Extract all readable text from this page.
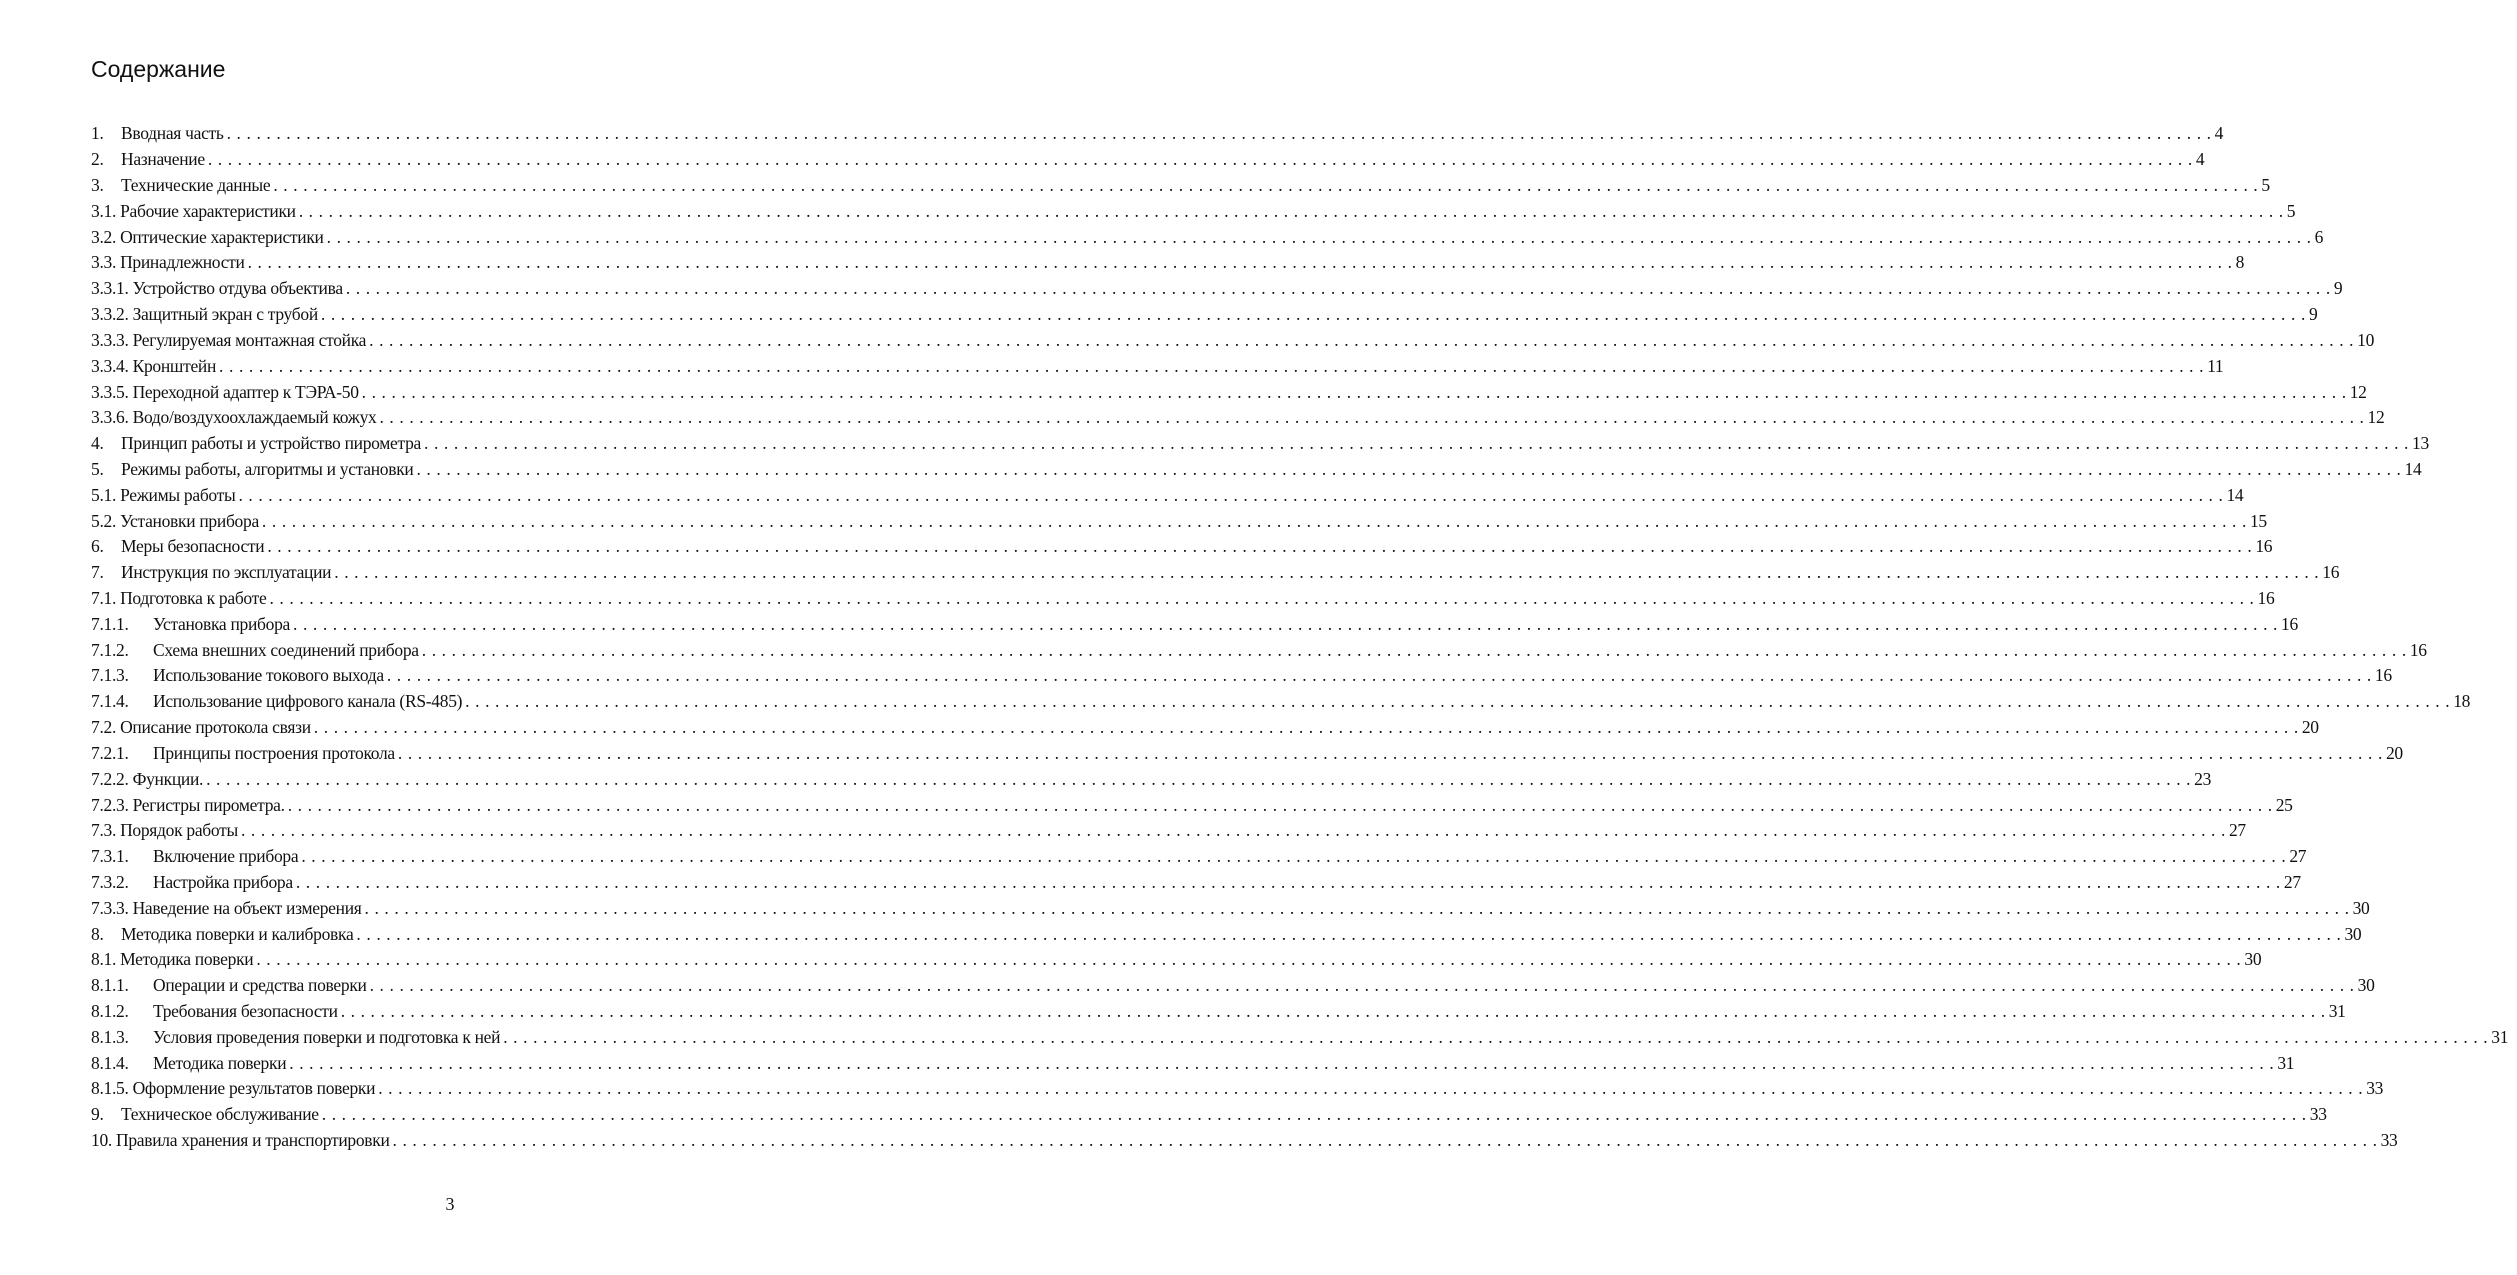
Содержание
1. Вводная часть . . . . . . . . . . . . . . . . . . . . . . . . . . . . . . . . . . . . . . . . . . . . . . . . . . . . . . . . . . . . . . . . . . . . . . . . . . . . . . . . . . . . . . . . . . . . . . . . . . . . . . . . . . . . . . . . . . . . . . . . . . . . . . . . . . . . . . . . . . . . . . . . . . . . . . . . . . . . . . . . . . . . . . . . . . . . . . . . . . . . . . . . . . . . . . . . . . . . . . . . 4
2. Назначение . . . . . . . . . . . . . . . . . . . . . . . . . . . . . . . . . . . . . . . . . . . . . . . . . . . . . . . . . . . . . . . . . . . . . . . . . . . . . . . . . . . . . . . . . . . . . . . . . . . . . . . . . . . . . . . . . . . . . . . . . . . . . . . . . . . . . . . . . . . . . . . . . . . . . . . . . . . . . . . . . . . . . . . . . . . . . . . . . . . . . . . . . . . . . . . . . . . . . . . . 4
3. Технические данные . . . . . . . . . . . . . . . . . . . . . . . . . . . . . . . . . . . . . . . . . . . . . . . . . . . . . . . . . . . . . . . . . . . . . . . . . . . . . . . . . . . . . . . . . . . . . . . . . . . . . . . . . . . . . . . . . . . . . . . . . . . . . . . . . . . . . . . . . . . . . . . . . . . . . . . . . . . . . . . . . . . . . . . . . . . . . . . . . . . . . . . . . . . . . . . . . . . . . . . . 5
3.1. Рабочие характеристики . . . . . . . . . . . . . . . . . . . . . . . . . . . . . . . . . . . . . . . . . . . . . . . . . . . . . . . . . . . . . . . . . . . . . . . . . . . . . . . . . . . . . . . . . . . . . . . . . . . . . . . . . . . . . . . . . . . . . . . . . . . . . . . . . . . . . . . . . . . . . . . . . . . . . . . . . . . . . . . . . . . . . . . . . . . . . . . . . . . . . . . . . . . . . . . . . . . . . . . . 5
3.2. Оптические характеристики . . . . . . . . . . . . . . . . . . . . . . . . . . . . . . . . . . . . . . . . . . . . . . . . . . . . . . . . . . . . . . . . . . . . . . . . . . . . . . . . . . . . . . . . . . . . . . . . . . . . . . . . . . . . . . . . . . . . . . . . . . . . . . . . . . . . . . . . . . . . . . . . . . . . . . . . . . . . . . . . . . . . . . . . . . . . . . . . . . . . . . . . . . . . . . . . . . . . . . . . 6
3.3. Принадлежности . . . . . . . . . . . . . . . . . . . . . . . . . . . . . . . . . . . . . . . . . . . . . . . . . . . . . . . . . . . . . . . . . . . . . . . . . . . . . . . . . . . . . . . . . . . . . . . . . . . . . . . . . . . . . . . . . . . . . . . . . . . . . . . . . . . . . . . . . . . . . . . . . . . . . . . . . . . . . . . . . . . . . . . . . . . . . . . . . . . . . . . . . . . . . . . . . . . . . . . . 8
3.3.1. Устройство отдува объектива . . . . . . . . . . . . . . . . . . . . . . . . . . . . . . . . . . . . . . . . . . . . . . . . . . . . . . . . . . . . . . . . . . . . . . . . . . . . . . . . . . . . . . . . . . . . . . . . . . . . . . . . . . . . . . . . . . . . . . . . . . . . . . . . . . . . . . . . . . . . . . . . . . . . . . . . . . . . . . . . . . . . . . . . . . . . . . . . . . . . . . . . . . . . . . . . . . . . . . . . 9
3.3.2. Защитный экран с трубой . . . . . . . . . . . . . . . . . . . . . . . . . . . . . . . . . . . . . . . . . . . . . . . . . . . . . . . . . . . . . . . . . . . . . . . . . . . . . . . . . . . . . . . . . . . . . . . . . . . . . . . . . . . . . . . . . . . . . . . . . . . . . . . . . . . . . . . . . . . . . . . . . . . . . . . . . . . . . . . . . . . . . . . . . . . . . . . . . . . . . . . . . . . . . . . . . . . . . . . . 9
3.3.3. Регулируемая монтажная стойка . . . . . . . . . . . . . . . . . . . . . . . . . . . . . . . . . . . . . . . . . . . . . . . . . . . . . . . . . . . . . . . . . . . . . . . . . . . . . . . . . . . . . . . . . . . . . . . . . . . . . . . . . . . . . . . . . . . . . . . . . . . . . . . . . . . . . . . . . . . . . . . . . . . . . . . . . . . . . . . . . . . . . . . . . . . . . . . . . . . . . . . . . . . . . . . . . . . . . . . . 10
3.3.4. Кронштейн . . . . . . . . . . . . . . . . . . . . . . . . . . . . . . . . . . . . . . . . . . . . . . . . . . . . . . . . . . . . . . . . . . . . . . . . . . . . . . . . . . . . . . . . . . . . . . . . . . . . . . . . . . . . . . . . . . . . . . . . . . . . . . . . . . . . . . . . . . . . . . . . . . . . . . . . . . . . . . . . . . . . . . . . . . . . . . . . . . . . . . . . . . . . . . . . . . . . . . . . 11
3.3.5. Переходной адаптер к ТЭРА-50 . . . . . . . . . . . . . . . . . . . . . . . . . . . . . . . . . . . . . . . . . . . . . . . . . . . . . . . . . . . . . . . . . . . . . . . . . . . . . . . . . . . . . . . . . . . . . . . . . . . . . . . . . . . . . . . . . . . . . . . . . . . . . . . . . . . . . . . . . . . . . . . . . . . . . . . . . . . . . . . . . . . . . . . . . . . . . . . . . . . . . . . . . . . . . . . . . . . . . . . . 12
3.3.6. Водо/воздухоохлаждаемый кожух . . . . . . . . . . . . . . . . . . . . . . . . . . . . . . . . . . . . . . . . . . . . . . . . . . . . . . . . . . . . . . . . . . . . . . . . . . . . . . . . . . . . . . . . . . . . . . . . . . . . . . . . . . . . . . . . . . . . . . . . . . . . . . . . . . . . . . . . . . . . . . . . . . . . . . . . . . . . . . . . . . . . . . . . . . . . . . . . . . . . . . . . . . . . . . . . . . . . . . . . 12
4. Принцип работы и устройство пирометра . . . . . . . . . . . . . . . . . . . . . . . . . . . . . . . . . . . . . . . . . . . . . . . . . . . . . . . . . . . . . . . . . . . . . . . . . . . . . . . . . . . . . . . . . . . . . . . . . . . . . . . . . . . . . . . . . . . . . . . . . . . . . . . . . . . . . . . . . . . . . . . . . . . . . . . . . . . . . . . . . . . . . . . . . . . . . . . . . . . . . . . . . . . . . . . . . . . . . . . . 13
5. Режимы работы, алгоритмы и установки . . . . . . . . . . . . . . . . . . . . . . . . . . . . . . . . . . . . . . . . . . . . . . . . . . . . . . . . . . . . . . . . . . . . . . . . . . . . . . . . . . . . . . . . . . . . . . . . . . . . . . . . . . . . . . . . . . . . . . . . . . . . . . . . . . . . . . . . . . . . . . . . . . . . . . . . . . . . . . . . . . . . . . . . . . . . . . . . . . . . . . . . . . . . . . . . . . . . . . . . 14
5.1. Режимы работы . . . . . . . . . . . . . . . . . . . . . . . . . . . . . . . . . . . . . . . . . . . . . . . . . . . . . . . . . . . . . . . . . . . . . . . . . . . . . . . . . . . . . . . . . . . . . . . . . . . . . . . . . . . . . . . . . . . . . . . . . . . . . . . . . . . . . . . . . . . . . . . . . . . . . . . . . . . . . . . . . . . . . . . . . . . . . . . . . . . . . . . . . . . . . . . . . . . . . . . . 14
5.2. Установки прибора . . . . . . . . . . . . . . . . . . . . . . . . . . . . . . . . . . . . . . . . . . . . . . . . . . . . . . . . . . . . . . . . . . . . . . . . . . . . . . . . . . . . . . . . . . . . . . . . . . . . . . . . . . . . . . . . . . . . . . . . . . . . . . . . . . . . . . . . . . . . . . . . . . . . . . . . . . . . . . . . . . . . . . . . . . . . . . . . . . . . . . . . . . . . . . . . . . . . . . . . 15
6. Меры безопасности . . . . . . . . . . . . . . . . . . . . . . . . . . . . . . . . . . . . . . . . . . . . . . . . . . . . . . . . . . . . . . . . . . . . . . . . . . . . . . . . . . . . . . . . . . . . . . . . . . . . . . . . . . . . . . . . . . . . . . . . . . . . . . . . . . . . . . . . . . . . . . . . . . . . . . . . . . . . . . . . . . . . . . . . . . . . . . . . . . . . . . . . . . . . . . . . . . . . . . . . 16
7. Инструкция по эксплуатации . . . . . . . . . . . . . . . . . . . . . . . . . . . . . . . . . . . . . . . . . . . . . . . . . . . . . . . . . . . . . . . . . . . . . . . . . . . . . . . . . . . . . . . . . . . . . . . . . . . . . . . . . . . . . . . . . . . . . . . . . . . . . . . . . . . . . . . . . . . . . . . . . . . . . . . . . . . . . . . . . . . . . . . . . . . . . . . . . . . . . . . . . . . . . . . . . . . . . . . . 16
7.1. Подготовка к работе . . . . . . . . . . . . . . . . . . . . . . . . . . . . . . . . . . . . . . . . . . . . . . . . . . . . . . . . . . . . . . . . . . . . . . . . . . . . . . . . . . . . . . . . . . . . . . . . . . . . . . . . . . . . . . . . . . . . . . . . . . . . . . . . . . . . . . . . . . . . . . . . . . . . . . . . . . . . . . . . . . . . . . . . . . . . . . . . . . . . . . . . . . . . . . . . . . . . . . . . 16
7.1.1.	Установка прибора . . . . . . . . . . . . . . . . . . . . . . . . . . . . . . . . . . . . . . . . . . . . . . . . . . . . . . . . . . . . . . . . . . . . . . . . . . . . . . . . . . . . . . . . . . . . . . . . . . . . . . . . . . . . . . . . . . . . . . . . . . . . . . . . . . . . . . . . . . . . . . . . . . . . . . . . . . . . . . . . . . . . . . . . . . . . . . . . . . . . . . . . . . . . . . . . . . . . . . . . 16
7.1.2.	Схема внешних соединений прибора . . . . . . . . . . . . . . . . . . . . . . . . . . . . . . . . . . . . . . . . . . . . . . . . . . . . . . . . . . . . . . . . . . . . . . . . . . . . . . . . . . . . . . . . . . . . . . . . . . . . . . . . . . . . . . . . . . . . . . . . . . . . . . . . . . . . . . . . . . . . . . . . . . . . . . . . . . . . . . . . . . . . . . . . . . . . . . . . . . . . . . . . . . . . . . . . . . . . . . . . 16
7.1.3.	Использование токового выхода . . . . . . . . . . . . . . . . . . . . . . . . . . . . . . . . . . . . . . . . . . . . . . . . . . . . . . . . . . . . . . . . . . . . . . . . . . . . . . . . . . . . . . . . . . . . . . . . . . . . . . . . . . . . . . . . . . . . . . . . . . . . . . . . . . . . . . . . . . . . . . . . . . . . . . . . . . . . . . . . . . . . . . . . . . . . . . . . . . . . . . . . . . . . . . . . . . . . . . . . 16
7.1.4.	Использование цифрового канала (RS-485) . . . . . . . . . . . . . . . . . . . . . . . . . . . . . . . . . . . . . . . . . . . . . . . . . . . . . . . . . . . . . . . . . . . . . . . . . . . . . . . . . . . . . . . . . . . . . . . . . . . . . . . . . . . . . . . . . . . . . . . . . . . . . . . . . . . . . . . . . . . . . . . . . . . . . . . . . . . . . . . . . . . . . . . . . . . . . . . . . . . . . . . . . . . . . . . . . . . . . . . . 18
7.2. Описание протокола связи . . . . . . . . . . . . . . . . . . . . . . . . . . . . . . . . . . . . . . . . . . . . . . . . . . . . . . . . . . . . . . . . . . . . . . . . . . . . . . . . . . . . . . . . . . . . . . . . . . . . . . . . . . . . . . . . . . . . . . . . . . . . . . . . . . . . . . . . . . . . . . . . . . . . . . . . . . . . . . . . . . . . . . . . . . . . . . . . . . . . . . . . . . . . . . . . . . . . . . . . 20
7.2.1.	Принципы построения протокола . . . . . . . . . . . . . . . . . . . . . . . . . . . . . . . . . . . . . . . . . . . . . . . . . . . . . . . . . . . . . . . . . . . . . . . . . . . . . . . . . . . . . . . . . . . . . . . . . . . . . . . . . . . . . . . . . . . . . . . . . . . . . . . . . . . . . . . . . . . . . . . . . . . . . . . . . . . . . . . . . . . . . . . . . . . . . . . . . . . . . . . . . . . . . . . . . . . . . . . . 20
7.2.2. Функции. . . . . . . . . . . . . . . . . . . . . . . . . . . . . . . . . . . . . . . . . . . . . . . . . . . . . . . . . . . . . . . . . . . . . . . . . . . . . . . . . . . . . . . . . . . . . . . . . . . . . . . . . . . . . . . . . . . . . . . . . . . . . . . . . . . . . . . . . . . . . . . . . . . . . . . . . . . . . . . . . . . . . . . . . . . . . . . . . . . . . . . . . . . . . . . . . . . . . . . . . 23
7.2.3. Регистры пирометра. . . . . . . . . . . . . . . . . . . . . . . . . . . . . . . . . . . . . . . . . . . . . . . . . . . . . . . . . . . . . . . . . . . . . . . . . . . . . . . . . . . . . . . . . . . . . . . . . . . . . . . . . . . . . . . . . . . . . . . . . . . . . . . . . . . . . . . . . . . . . . . . . . . . . . . . . . . . . . . . . . . . . . . . . . . . . . . . . . . . . . . . . . . . . . . . . . . . . . . . . 25
7.3. Порядок работы . . . . . . . . . . . . . . . . . . . . . . . . . . . . . . . . . . . . . . . . . . . . . . . . . . . . . . . . . . . . . . . . . . . . . . . . . . . . . . . . . . . . . . . . . . . . . . . . . . . . . . . . . . . . . . . . . . . . . . . . . . . . . . . . . . . . . . . . . . . . . . . . . . . . . . . . . . . . . . . . . . . . . . . . . . . . . . . . . . . . . . . . . . . . . . . . . . . . . . . . 27
7.3.1.	Включение прибора . . . . . . . . . . . . . . . . . . . . . . . . . . . . . . . . . . . . . . . . . . . . . . . . . . . . . . . . . . . . . . . . . . . . . . . . . . . . . . . . . . . . . . . . . . . . . . . . . . . . . . . . . . . . . . . . . . . . . . . . . . . . . . . . . . . . . . . . . . . . . . . . . . . . . . . . . . . . . . . . . . . . . . . . . . . . . . . . . . . . . . . . . . . . . . . . . . . . . . . . 27
7.3.2.	Настройка прибора . . . . . . . . . . . . . . . . . . . . . . . . . . . . . . . . . . . . . . . . . . . . . . . . . . . . . . . . . . . . . . . . . . . . . . . . . . . . . . . . . . . . . . . . . . . . . . . . . . . . . . . . . . . . . . . . . . . . . . . . . . . . . . . . . . . . . . . . . . . . . . . . . . . . . . . . . . . . . . . . . . . . . . . . . . . . . . . . . . . . . . . . . . . . . . . . . . . . . . . . 27
7.3.3. Наведение на объект измерения . . . . . . . . . . . . . . . . . . . . . . . . . . . . . . . . . . . . . . . . . . . . . . . . . . . . . . . . . . . . . . . . . . . . . . . . . . . . . . . . . . . . . . . . . . . . . . . . . . . . . . . . . . . . . . . . . . . . . . . . . . . . . . . . . . . . . . . . . . . . . . . . . . . . . . . . . . . . . . . . . . . . . . . . . . . . . . . . . . . . . . . . . . . . . . . . . . . . . . . . 30
8. Методика поверки и калибровка . . . . . . . . . . . . . . . . . . . . . . . . . . . . . . . . . . . . . . . . . . . . . . . . . . . . . . . . . . . . . . . . . . . . . . . . . . . . . . . . . . . . . . . . . . . . . . . . . . . . . . . . . . . . . . . . . . . . . . . . . . . . . . . . . . . . . . . . . . . . . . . . . . . . . . . . . . . . . . . . . . . . . . . . . . . . . . . . . . . . . . . . . . . . . . . . . . . . . . . . 30
8.1. Методика поверки . . . . . . . . . . . . . . . . . . . . . . . . . . . . . . . . . . . . . . . . . . . . . . . . . . . . . . . . . . . . . . . . . . . . . . . . . . . . . . . . . . . . . . . . . . . . . . . . . . . . . . . . . . . . . . . . . . . . . . . . . . . . . . . . . . . . . . . . . . . . . . . . . . . . . . . . . . . . . . . . . . . . . . . . . . . . . . . . . . . . . . . . . . . . . . . . . . . . . . . . 30
8.1.1.	Операции и средства поверки . . . . . . . . . . . . . . . . . . . . . . . . . . . . . . . . . . . . . . . . . . . . . . . . . . . . . . . . . . . . . . . . . . . . . . . . . . . . . . . . . . . . . . . . . . . . . . . . . . . . . . . . . . . . . . . . . . . . . . . . . . . . . . . . . . . . . . . . . . . . . . . . . . . . . . . . . . . . . . . . . . . . . . . . . . . . . . . . . . . . . . . . . . . . . . . . . . . . . . . . 30
8.1.2.	Требования безопасности . . . . . . . . . . . . . . . . . . . . . . . . . . . . . . . . . . . . . . . . . . . . . . . . . . . . . . . . . . . . . . . . . . . . . . . . . . . . . . . . . . . . . . . . . . . . . . . . . . . . . . . . . . . . . . . . . . . . . . . . . . . . . . . . . . . . . . . . . . . . . . . . . . . . . . . . . . . . . . . . . . . . . . . . . . . . . . . . . . . . . . . . . . . . . . . . . . . . . . . . 31
8.1.3.	Условия проведения поверки и подготовка к ней . . . . . . . . . . . . . . . . . . . . . . . . . . . . . . . . . . . . . . . . . . . . . . . . . . . . . . . . . . . . . . . . . . . . . . . . . . . . . . . . . . . . . . . . . . . . . . . . . . . . . . . . . . . . . . . . . . . . . . . . . . . . . . . . . . . . . . . . . . . . . . . . . . . . . . . . . . . . . . . . . . . . . . . . . . . . . . . . . . . . . . . . . . . . . . . . . . . . . . . . 31
8.1.4.	Методика поверки . . . . . . . . . . . . . . . . . . . . . . . . . . . . . . . . . . . . . . . . . . . . . . . . . . . . . . . . . . . . . . . . . . . . . . . . . . . . . . . . . . . . . . . . . . . . . . . . . . . . . . . . . . . . . . . . . . . . . . . . . . . . . . . . . . . . . . . . . . . . . . . . . . . . . . . . . . . . . . . . . . . . . . . . . . . . . . . . . . . . . . . . . . . . . . . . . . . . . . . . 31
8.1.5. Оформление результатов поверки . . . . . . . . . . . . . . . . . . . . . . . . . . . . . . . . . . . . . . . . . . . . . . . . . . . . . . . . . . . . . . . . . . . . . . . . . . . . . . . . . . . . . . . . . . . . . . . . . . . . . . . . . . . . . . . . . . . . . . . . . . . . . . . . . . . . . . . . . . . . . . . . . . . . . . . . . . . . . . . . . . . . . . . . . . . . . . . . . . . . . . . . . . . . . . . . . . . . . . . . 33
9. Техническое обслуживание . . . . . . . . . . . . . . . . . . . . . . . . . . . . . . . . . . . . . . . . . . . . . . . . . . . . . . . . . . . . . . . . . . . . . . . . . . . . . . . . . . . . . . . . . . . . . . . . . . . . . . . . . . . . . . . . . . . . . . . . . . . . . . . . . . . . . . . . . . . . . . . . . . . . . . . . . . . . . . . . . . . . . . . . . . . . . . . . . . . . . . . . . . . . . . . . . . . . . . . . 33
10. Правила хранения и транспортировки . . . . . . . . . . . . . . . . . . . . . . . . . . . . . . . . . . . . . . . . . . . . . . . . . . . . . . . . . . . . . . . . . . . . . . . . . . . . . . . . . . . . . . . . . . . . . . . . . . . . . . . . . . . . . . . . . . . . . . . . . . . . . . . . . . . . . . . . . . . . . . . . . . . . . . . . . . . . . . . . . . . . . . . . . . . . . . . . . . . . . . . . . . . . . . . . . . . . . . . . 33
3
